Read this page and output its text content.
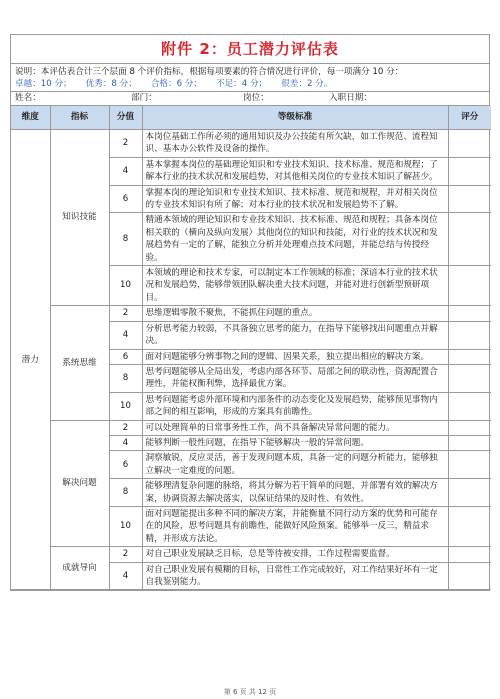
附件 2：员工潜力评估表
说明：本评估表合计三个层面 8 个评价指标，根据每项要素的符合情况进行评价，每一项满分 10 分：
卓越：10 分； 优秀：8 分； 合格：6 分； 不足：4 分； 很差：2 分。
姓名：	部门：	岗位：	入职日期：
维度	指标	分值	等级标准	评分
潜力	知识技能	2	本岗位基础工作所必须的通用知识及办公技能有所欠缺，如工作规范、流程知识、基本办公软件及设备的操作。	
		4	基本掌握本岗位的基础理论知识和专业技术知识、技术标准、规范和规程；了解本行业的技术状况和发展趋势，对其他相关岗位的专业技术知识了解甚少。	
		6	掌握本岗的理论知识和专业技术知识、技术标准、规范和规程，并对相关岗位的专业技术知识有所了解；对本行业的技术状况和发展趋势不了解。	
		8	精通本领域的理论知识和专业技术知识、技术标准、规范和规程；具备本岗位相关联的（横向及纵向发展）其他岗位的知识和技能，对行业的技术状况和发展趋势有一定的了解，能独立分析并处理难点技术问题，并能总结与传授经验。	
		10	本领域的理论和技术专家，可以制定本工作领域的标准；深谙本行业的技术状况和发展趋势，能够带领团队解决重大技术问题，并能对进行创新型预研项目。	
	系统思维	2	思维逻辑零散不聚焦，不能抓住问题的重点。	
		4	分析思考能力较弱，不具备独立思考的能力，在指导下能够找出问题重点并解决。	
		6	面对问题能够分辨事物之间的逻辑、因果关系，独立提出相应的解决方案。	
		8	思考问题能够从全局出发，考虑内部各环节、局部之间的联动性，资源配置合理性，并能权衡利弊，选择最优方案。	
		10	思考问题能考虑外部环境和内部条件的动态变化及发展趋势，能够预见事物内部之间的相互影响，形成的方案具有前瞻性。	
	解决问题	2	可以处理简单的日常事务性工作，尚不具备解决异常问题的能力。	
		4	能够判断一般性问题，在指导下能够解决一般的异常问题。	
		6	洞察敏锐，反应灵活，善于发现问题本质，具备一定的问题分析能力，能够独立解决一定难度的问题。	
		8	能够理清复杂问题的脉络，将其分解为若干简单的问题，并部署有效的解决方案，协调资源去解决落实，以保证结果的及时性、有效性。	
		10	面对问题能提出多种不同的解决方案，并能衡量不同行动方案的优势和可能存在的风险，思考问题具有前瞻性，能做好风险预案。能够举一反三，精益求精，并形成方法论。	
	成就导向	2	对自己职业发展缺乏目标，总是等待被安排，工作过程需要监督。	
		4	对自己职业发展有模糊的目标，日常性工作完成较好，对工作结果好坏有一定自我鉴别能力。	
第 6 页 共 12 页
